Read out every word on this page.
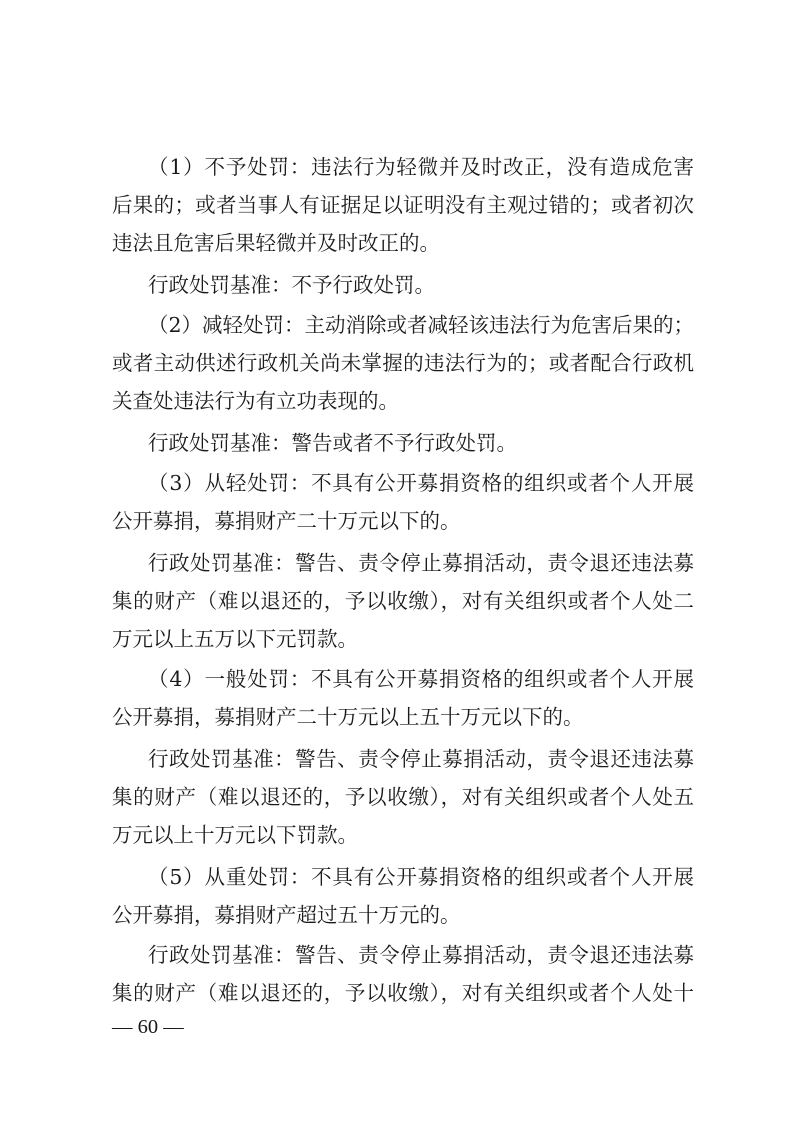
（1）不予处罚：违法行为轻微并及时改正，没有造成危害
后果的；或者当事人有证据足以证明没有主观过错的；或者初次
违法且危害后果轻微并及时改正的。
行政处罚基准：不予行政处罚。
（2）减轻处罚：主动消除或者减轻该违法行为危害后果的；
或者主动供述行政机关尚未掌握的违法行为的；或者配合行政机
关查处违法行为有立功表现的。
行政处罚基准：警告或者不予行政处罚。
（3）从轻处罚：不具有公开募捐资格的组织或者个人开展
公开募捐，募捐财产二十万元以下的。
行政处罚基准：警告、责令停止募捐活动，责令退还违法募
集的财产（难以退还的，予以收缴），对有关组织或者个人处二
万元以上五万以下元罚款。
（4）一般处罚：不具有公开募捐资格的组织或者个人开展
公开募捐，募捐财产二十万元以上五十万元以下的。
行政处罚基准：警告、责令停止募捐活动，责令退还违法募
集的财产（难以退还的，予以收缴），对有关组织或者个人处五
万元以上十万元以下罚款。
（5）从重处罚：不具有公开募捐资格的组织或者个人开展
公开募捐，募捐财产超过五十万元的。
行政处罚基准：警告、责令停止募捐活动，责令退还违法募
集的财产（难以退还的，予以收缴），对有关组织或者个人处十
— 60 —
